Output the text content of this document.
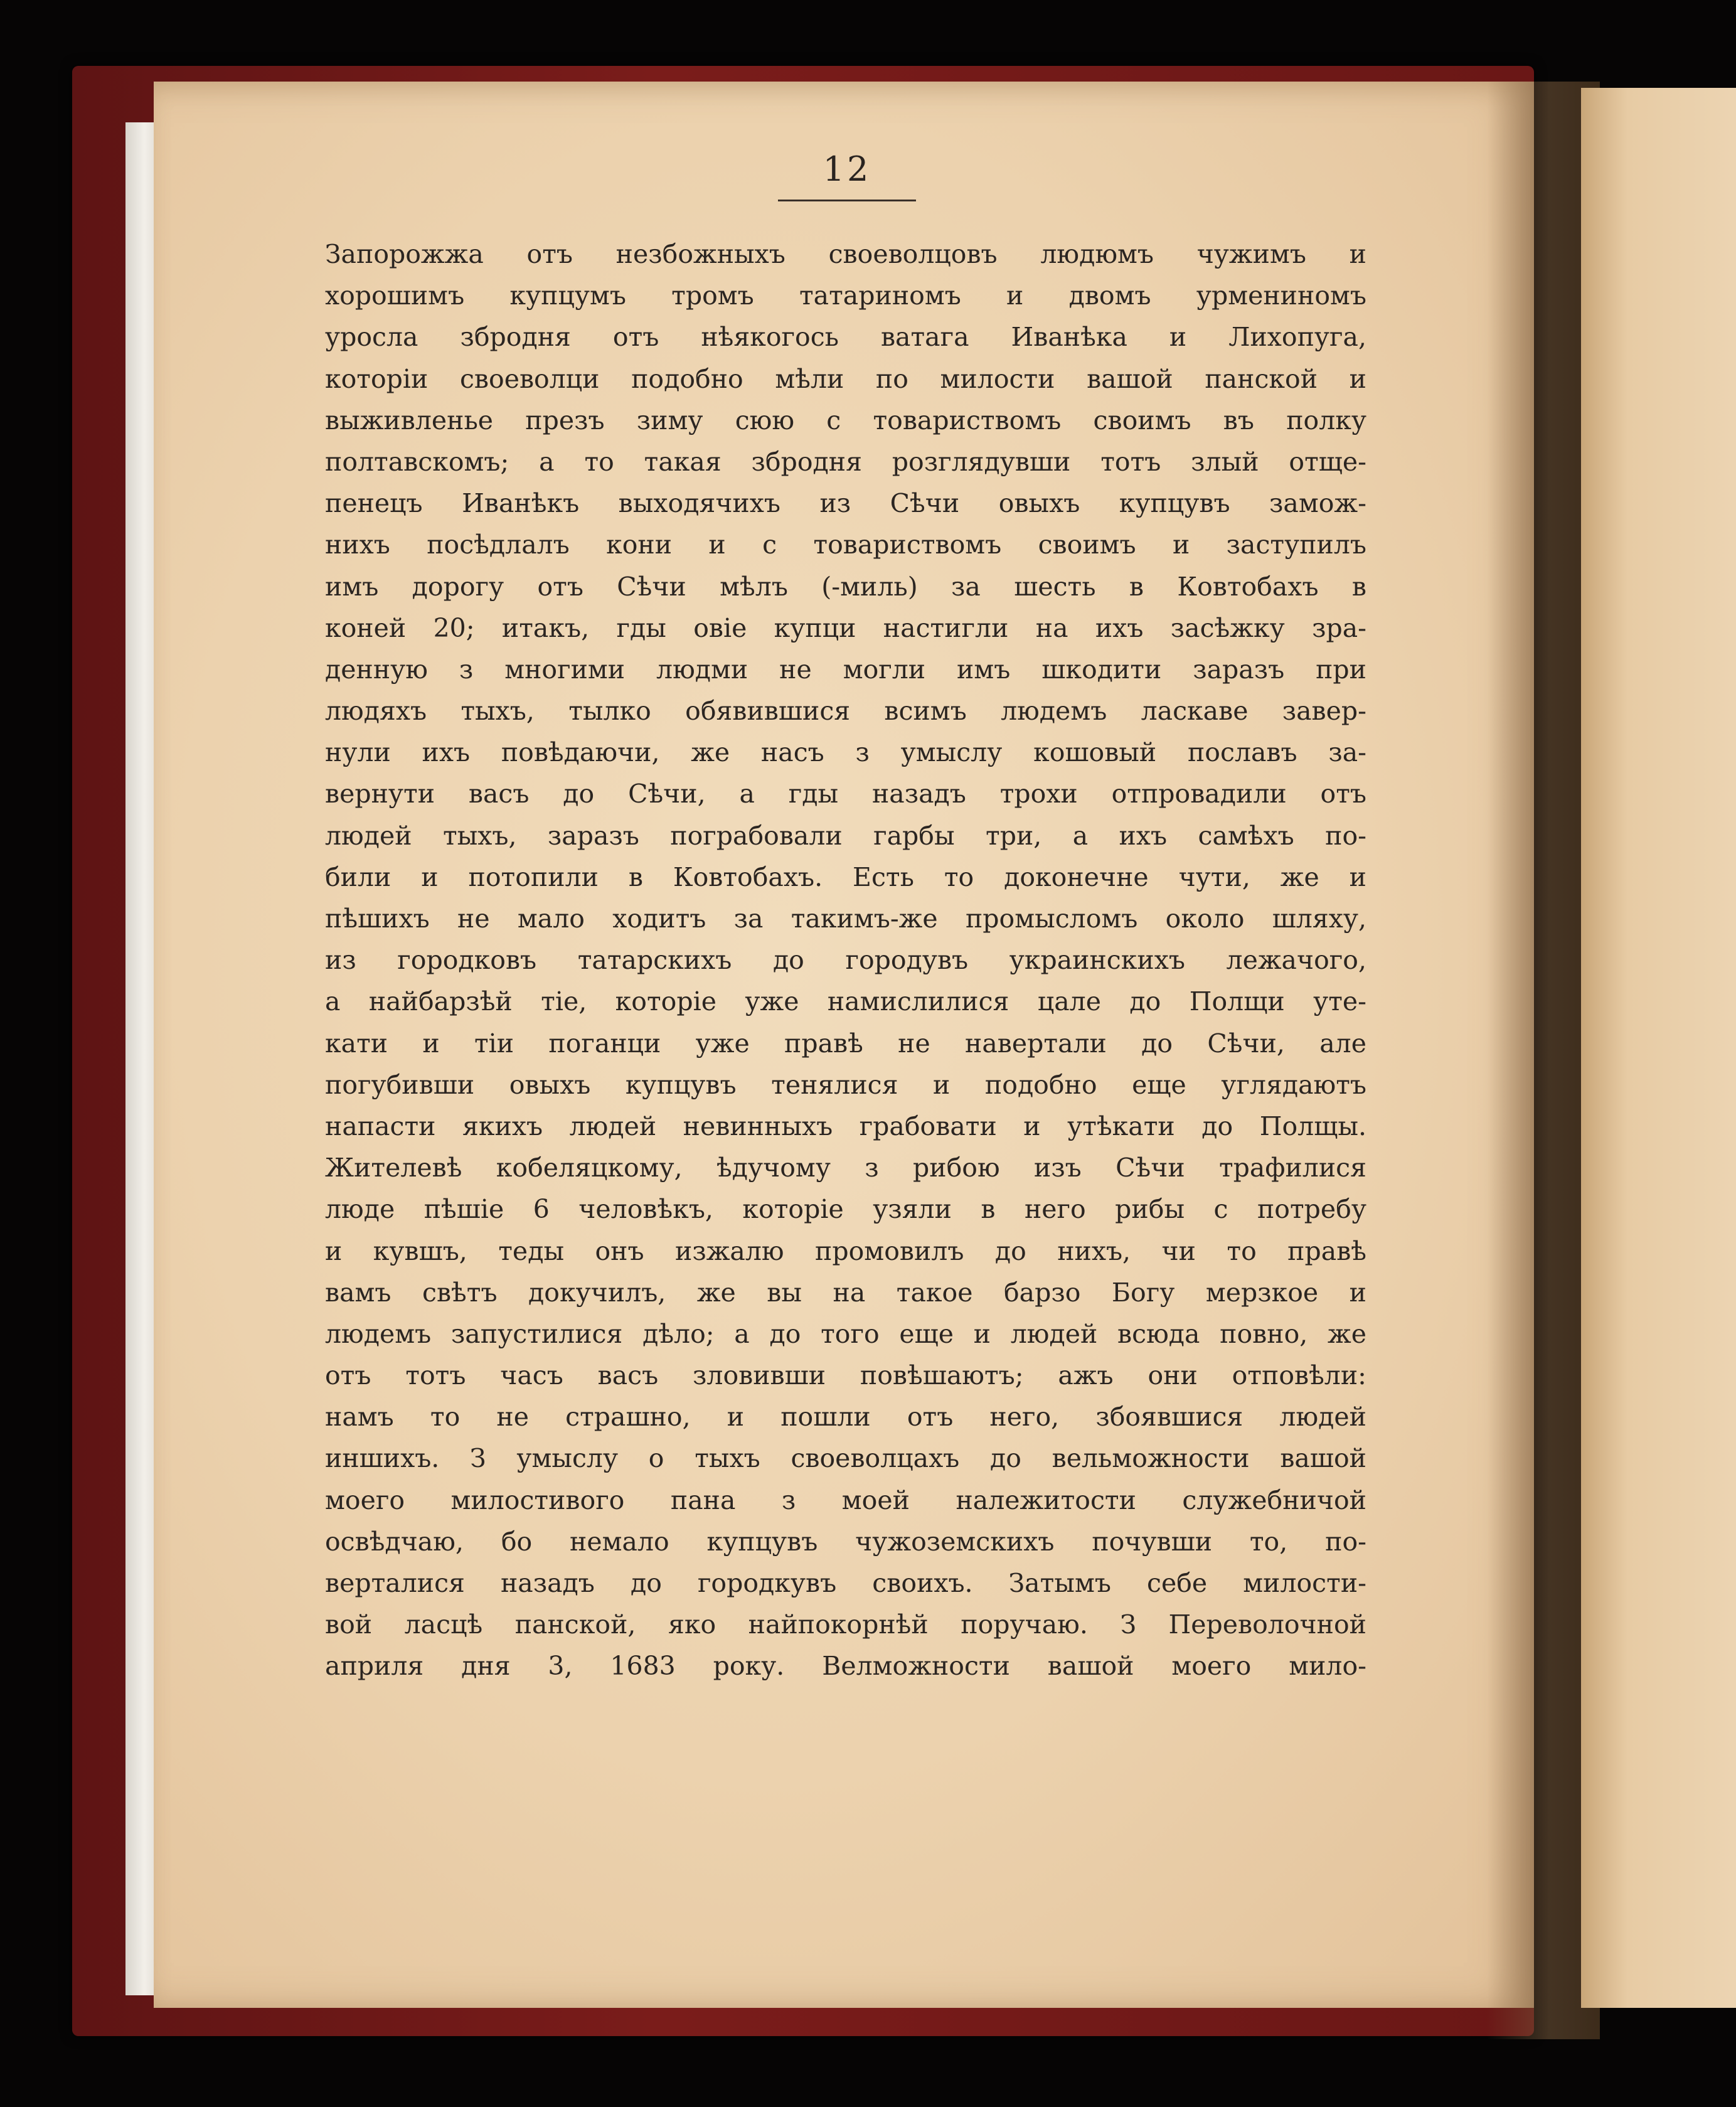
12
Запорожжа отъ незбожныхъ своеволцовъ людюмъ чужимъ и
хорошимъ купцумъ тромъ татариномъ и двомъ урмениномъ
уросла збродня отъ нѣякогось ватага Иванѣка и Лихопуга,
которіи своеволци подобно мѣли по милости вашой панской и
выживленье презъ зиму сюю с товариствомъ своимъ въ полку
полтавскомъ; а то такая збродня розглядувши тотъ злый отще-
пенецъ Иванѣкъ выходячихъ из Сѣчи овыхъ купцувъ замож-
нихъ посѣдлалъ кони и с товариствомъ своимъ и заступилъ
имъ дорогу отъ Сѣчи мѣлъ (-миль) за шесть в Ковтобахъ в
коней 20; итакъ, гды овіе купци настигли на ихъ засѣжку зра-
денную з многими людми не могли имъ шкодити заразъ при
людяхъ тыхъ, тылко обявившися всимъ людемъ ласкаве завер-
нули ихъ повѣдаючи, же насъ з умыслу кошовый пославъ за-
вернути васъ до Сѣчи, а гды назадъ трохи отпровадили отъ
людей тыхъ, заразъ пограбовали гарбы три, а ихъ самѣхъ по-
били и потопили в Ковтобахъ. Есть то доконечне чути, же и
пѣшихъ не мало ходитъ за такимъ-же промысломъ около шляху,
из городковъ татарскихъ до городувъ украинскихъ лежачого,
а найбарзѣй тіе, которіе уже намислилися цале до Полщи уте-
кати и тіи поганци уже правѣ не навертали до Сѣчи, але
погубивши овыхъ купцувъ тенялися и подобно еще углядаютъ
напасти якихъ людей невинныхъ грабовати и утѣкати до Полщы.
Жителевѣ кобеляцкому, ѣдучому з рибою изъ Сѣчи трафилися
люде пѣшіе 6 человѣкъ, которіе узяли в него рибы с потребу
и кувшъ, теды онъ изжалю промовилъ до нихъ, чи то правѣ
вамъ свѣтъ докучилъ, же вы на такое барзо Богу мерзкое и
людемъ запустилися дѣло; а до того еще и людей всюда повно, же
отъ тотъ часъ васъ зловивши повѣшаютъ; ажъ они отповѣли:
намъ то не страшно, и пошли отъ него, збоявшися людей
иншихъ. З умыслу о тыхъ своеволцахъ до вельможности вашой
моего милостивого пана з моей належитости служебничой
освѣдчаю, бо немало купцувъ чужоземскихъ почувши то, по-
верталися назадъ до городкувъ своихъ. Затымъ себе милости-
вой ласцѣ панской, яко найпокорнѣй поручаю. З Переволочной
априля дня 3, 1683 року. Велможности вашой моего мило-
